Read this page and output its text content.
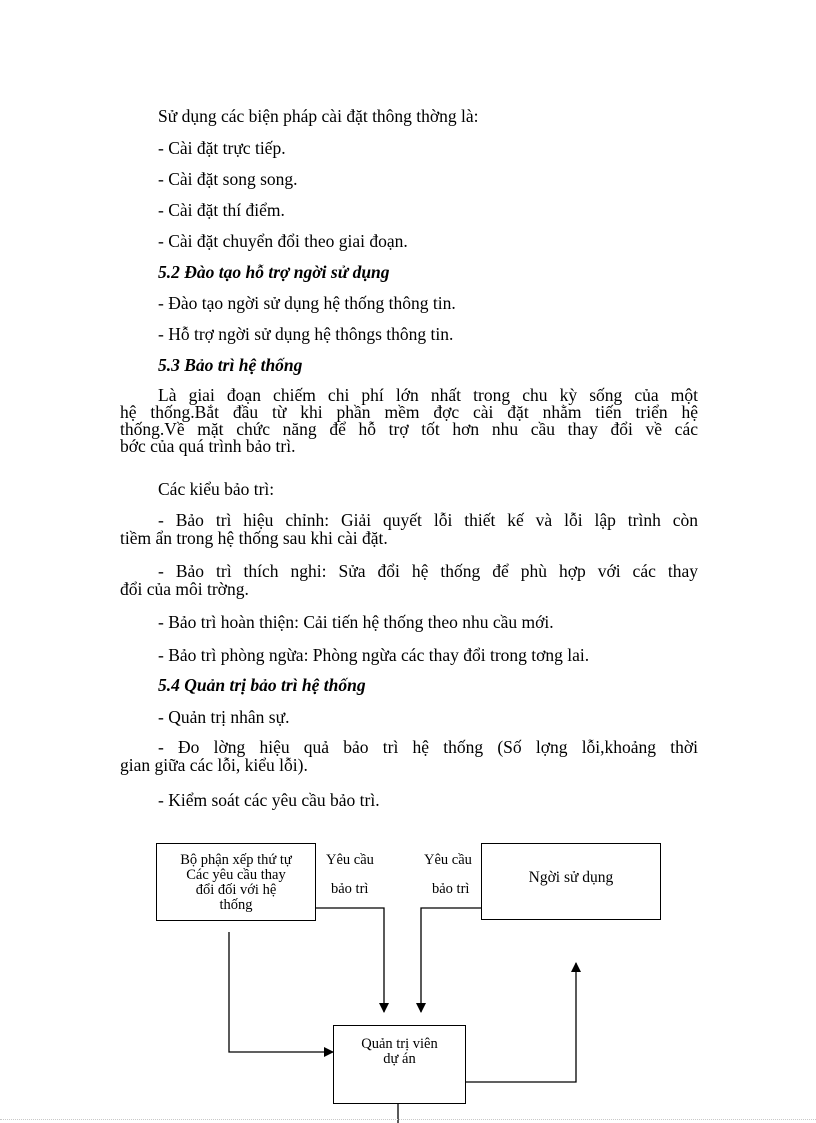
Sử dụng các biện pháp cài đặt thông thờng là:
- Cài đặt trực tiếp.
- Cài đặt song song.
- Cài đặt thí điểm.
- Cài đặt chuyển đổi theo giai đoạn.
5.2 Đào tạo hỗ trợ ngời sử dụng
- Đào tạo ngời sử dụng hệ thống thông tin.
- Hỗ trợ ngời sử dụng hệ thôngs thông tin.
5.3 Bảo trì hệ thống
Là giai đoạn chiếm chi phí lớn nhất trong chu kỳ sống của một
hệ thống.Bắt đầu từ khi phần mềm đợc cài đặt nhằm tiến triển hệ
thống.Về mặt chức năng để hỗ trợ tốt hơn nhu cầu thay đổi về các
bớc của quá trình bảo trì.
Các kiểu bảo trì:
- Bảo trì hiệu chỉnh: Giải quyết lỗi thiết kế và lỗi lập trình còn
tiềm ẩn trong hệ thống sau khi cài đặt.
- Bảo trì thích nghi: Sửa đổi hệ thống để phù hợp với các thay
đổi của môi trờng.
- Bảo trì hoàn thiện: Cải tiến hệ thống theo nhu cầu mới.
- Bảo trì phòng ngừa: Phòng ngừa các thay đổi trong tơng lai.
5.4 Quản trị bảo trì hệ thống
- Quản trị nhân sự.
- Đo lờng hiệu quả bảo trì hệ thống (Số lợng lỗi,khoảng thời
gian giữa các lỗi, kiểu lỗi).
- Kiểm soát các yêu cầu bảo trì.
Bộ phận xếp thứ tự
Các yêu cầu thay
đổi đối với hệ
thống
Ngời sử dụng
Quản trị viên
dự án
Yêu cầu
bảo trì
Yêu cầu
bảo trì
